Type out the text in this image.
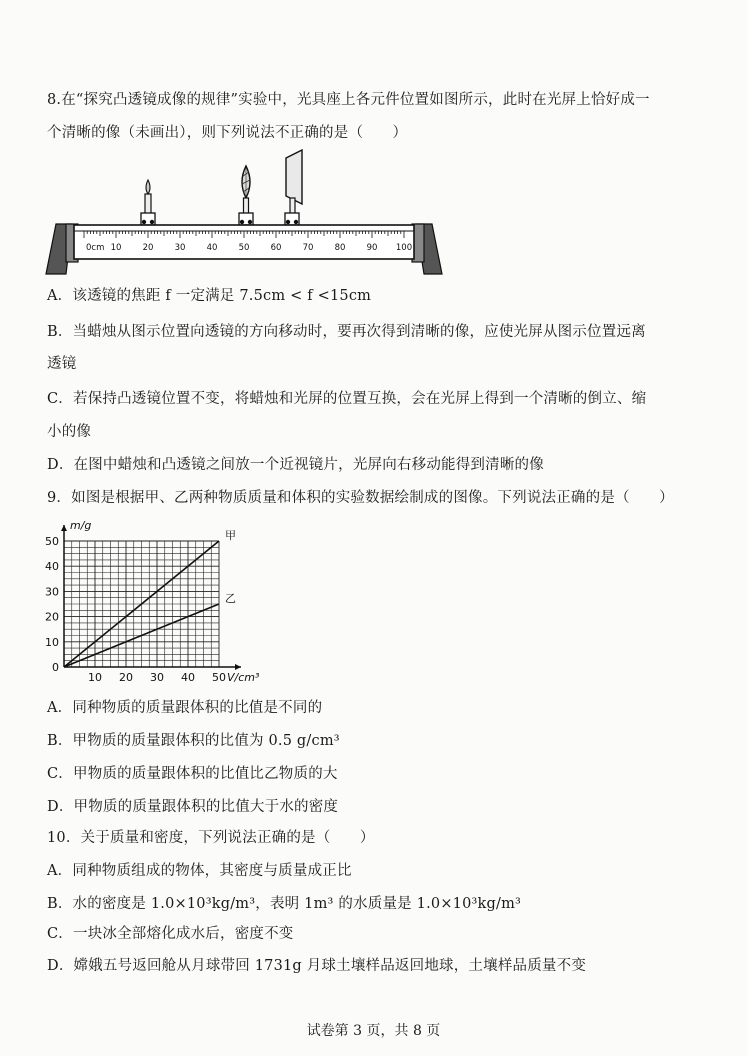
8.在“探究凸透镜成像的规律”实验中，光具座上各元件位置如图所示，此时在光屏上恰好成一
个清晰的像（未画出），则下列说法不正确的是（　　）
0cm 10 20 30 40 50 60 70 80 90 100
A．该透镜的焦距 f 一定满足 7.5cm < f <15cm
B．当蜡烛从图示位置向透镜的方向移动时，要再次得到清晰的像，应使光屏从图示位置远离
透镜
C．若保持凸透镜位置不变，将蜡烛和光屏的位置互换，会在光屏上得到一个清晰的倒立、缩
小的像
D．在图中蜡烛和凸透镜之间放一个近视镜片，光屏向右移动能得到清晰的像
9．如图是根据甲、乙两种物质质量和体积的实验数据绘制成的图像。下列说法正确的是（　　）
甲
乙
10 20 30 40 50
0
10
20
30
40
50
V/cm³
m/g
A．同种物质的质量跟体积的比值是不同的
B．甲物质的质量跟体积的比值为 0.5 g/cm³
C．甲物质的质量跟体积的比值比乙物质的大
D．甲物质的质量跟体积的比值大于水的密度
10．关于质量和密度，下列说法正确的是（　　）
A．同种物质组成的物体，其密度与质量成正比
B．水的密度是 1.0×10³kg/m³，表明 1m³ 的水质量是 1.0×10³kg/m³
C．一块冰全部熔化成水后，密度不变
D．嫦娥五号返回舱从月球带回 1731g 月球土壤样品返回地球，土壤样品质量不变
试卷第 3 页，共 8 页
